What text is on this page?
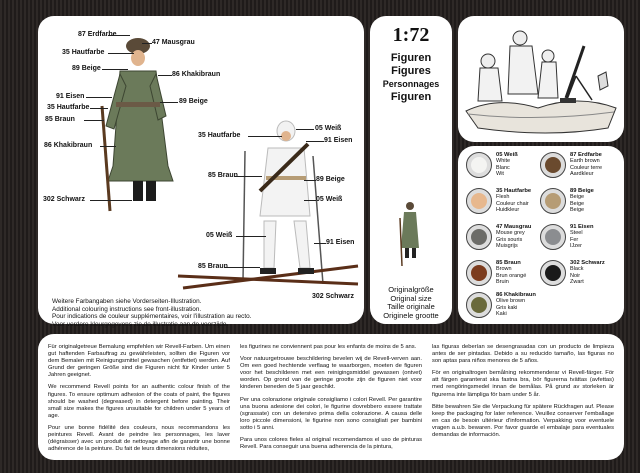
87 Erdfarbe
47 Mausgrau
35 Hautfarbe
89 Beige
86 Khakibraun
91 Eisen
89 Beige
35 Hautfarbe
85 Braun
86 Khakibraun
302 Schwarz
35 Hautfarbe
05 Weiß
91 Eisen
89 Beige
85 Braun
05 Weiß
05 Weiß
91 Eisen
85 Braun
302 Schwarz
Weitere Farbangaben siehe Vorderseiten-Illustration.
Additional colouring instructions see front-illustration.
Pour indications de couleur supplémentaires, voir l'illustration au recto.
Voor verdere kleurgegevens zie de illustratie aan de voorzijde.
1:72
Figuren
Figures
Personnages
Figuren
Originalgröße
Original size
Taille originale
Originele grootte
05 Weiß
White
Blanc
Wit
87 Erdfarbe
Earth brown
Couleur terre
Aardkleur
35 Hautfarbe
Flesh
Couleur chair
Huidkleur
89 Beige
Beige
Beige
Beige
47 Mausgrau
Mouse grey
Gris souris
Muisgrijs
91 Eisen
Steel
Fer
IJzer
85 Braun
Brown
Brun orangé
Bruin
302 Schwarz
Black
Noir
Zwart
86 Khakibraun
Olive brown
Gris kaki
Kaki

Für originalgetreue Bemalung empfehlen wir Revell-Farben. Um einen gut haftenden Farbauftrag zu gewährleisten, sollten die Figuren vor dem Bemalen mit Reinigungsmittel gewaschen (entfettet) werden. Auf Grund der geringen Größe sind die Figuren nicht für Kinder unter 5 Jahren geeignet.

We recommend Revell points for an authentic colour finish of the figures. To ensure optimum adhesion of the coats of paint, the figures should be washed (degreased) in detergent before painting. Their small size makes the figures unsuitable for children under 5 years of age.

Pour une bonne fidélité des couleurs, nous recommandons les peintures Revell. Avant de peindre les personnages, les laver (dégraisser) avec un produit de nettoyage afin de garantir une bonne adhérence de la peinture. Du fait de leurs dimensions réduites,

les figurines ne conviennent pas pour les enfants de moins de 5 ans.

Voor natuurgetrouwe beschildering bevelen wij de Revell-verven aan. Om een goed hechtende verflaag te waarborgen, moeten de figuren voor het beschilderen met een reinigingsmiddel gewassen (ontvet) worden. Op grond van de geringe grootte zijn de figuren niet voor kinderen beneden de 5 jaar geschikt.

Per una colorazione originale consigliamo i colori Revell. Per garantire una buona adesione dei colori, le figurine dovrebbero essere trattate (sgrassate) con un detersivo prima della colorazione. A causa delle loro piccole dimensioni, le figurine non sono consigliati per bambini sotto i 5 anni.

Para unos colores fieles al original recomendamos el uso de pinturas Revell. Para conseguir una buena adherencia de la pintura,

las figuras deberían se desengrasadas con un producto de limpieza antes de ser pintadas. Debido a su reducido tamaño, las figuras no son aptas para niños menores de 5 años.

För en originaltrogen bemålning rekommenderar vi Revell-färger. För att färgen garanterat ska fastna bra, bör figurerna tvättas (avfettas) med rengöringsmedel innan de bemålas. På grund av storleken är figurerna inte lämpliga för barn under 5 år.

Bitte bewahren Sie die Verpackung für spätere Rückfragen auf. Please keep the packaging for later reference. Veuillez conserver l'emballage en cas de besoin ultérieur d'information. Verpakking voor eventuele vragen a.u.b. bewaren. Por favor guarde el embalaje para eventuales demandas de información.
